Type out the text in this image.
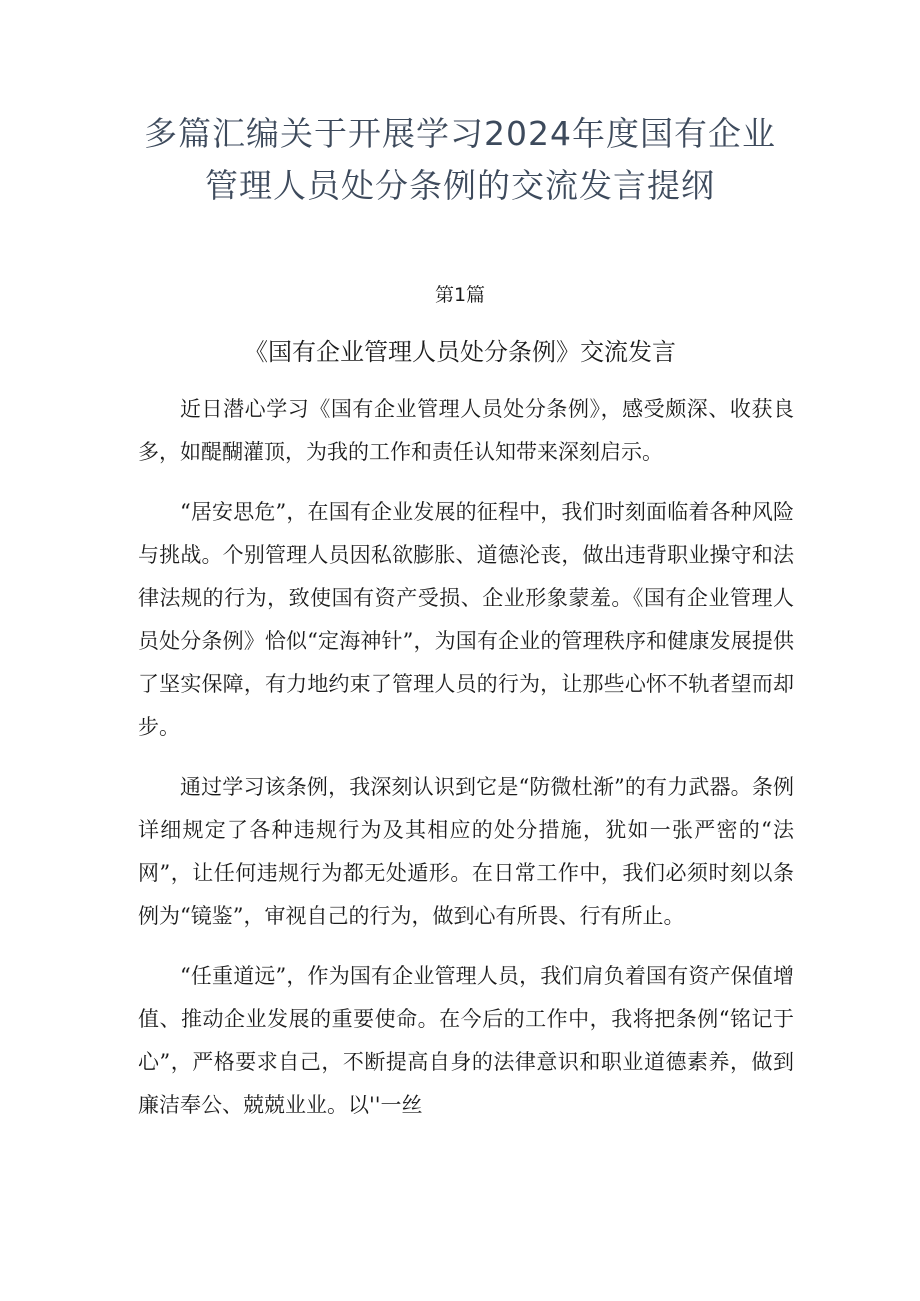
多篇汇编关于开展学习2024年度国有企业
管理人员处分条例的交流发言提纲
第1篇
《国有企业管理人员处分条例》交流发言

近日潜心学习《国有企业管理人员处分条例》，感受颇深、收获良多，如醍醐灌顶，为我的工作和责任认知带来深刻启示。

“居安思危”，在国有企业发展的征程中，我们时刻面临着各种风险与挑战。个别管理人员因私欲膨胀、道德沦丧，做出违背职业操守和法律法规的行为，致使国有资产受损、企业形象蒙羞。《国有企业管理人员处分条例》恰似“定海神针”，为国有企业的管理秩序和健康发展提供了坚实保障，有力地约束了管理人员的行为，让那些心怀不轨者望而却步。

通过学习该条例，我深刻认识到它是“防微杜渐”的有力武器。条例详细规定了各种违规行为及其相应的处分措施，犹如一张严密的“法网”，让任何违规行为都无处遁形。在日常工作中，我们必须时刻以条例为“镜鉴”，审视自己的行为，做到心有所畏、行有所止。

“任重道远”，作为国有企业管理人员，我们肩负着国有资产保值增值、推动企业发展的重要使命。在今后的工作中，我将把条例“铭记于心”，严格要求自己，不断提高自身的法律意识和职业道德素养，做到廉洁奉公、兢兢业业。以''一丝
